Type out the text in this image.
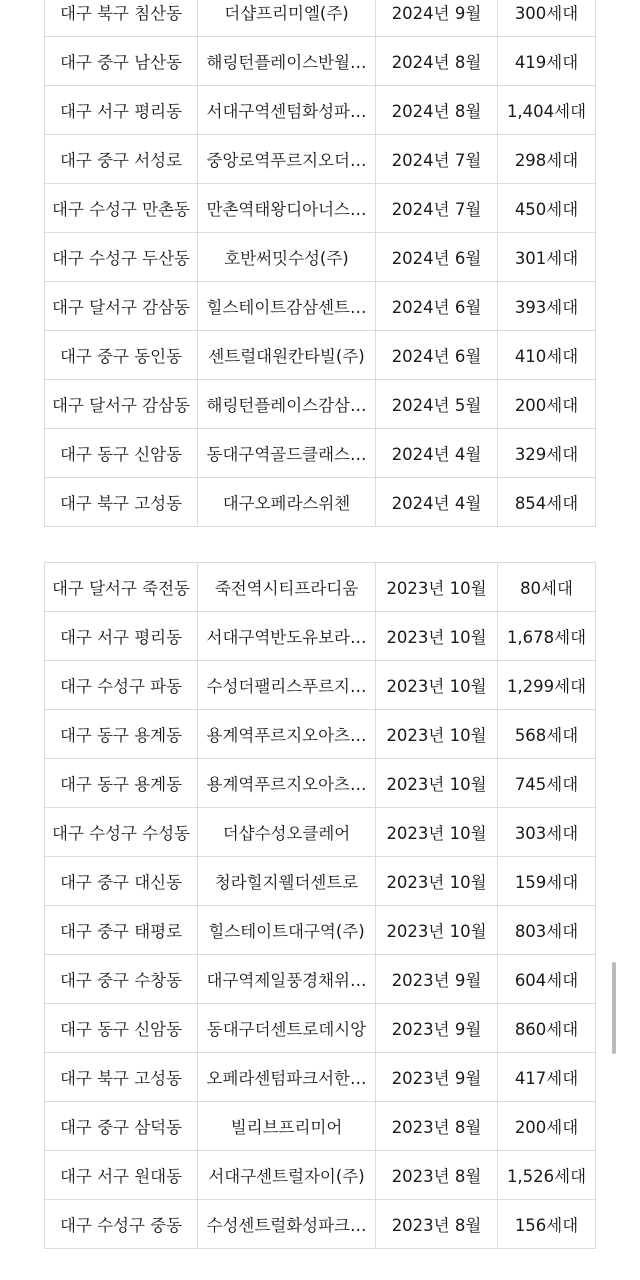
대구 북구 침산동	더샵프리미엘(주)	2024년 9월	300세대
대구 중구 남산동	해링턴플레이스반월…	2024년 8월	419세대
대구 서구 평리동	서대구역센텀화성파…	2024년 8월	1,404세대
대구 중구 서성로	중앙로역푸르지오더…	2024년 7월	298세대
대구 수성구 만촌동	만촌역태왕디아너스…	2024년 7월	450세대
대구 수성구 두산동	호반써밋수성(주)	2024년 6월	301세대
대구 달서구 감삼동	힐스테이트감삼센트…	2024년 6월	393세대
대구 중구 동인동	센트럴대원칸타빌(주)	2024년 6월	410세대
대구 달서구 감삼동	해링턴플레이스감삼…	2024년 5월	200세대
대구 동구 신암동	동대구역골드클래스…	2024년 4월	329세대
대구 북구 고성동	대구오페라스위첸	2024년 4월	854세대
대구 달서구 죽전동	죽전역시티프라디움	2023년 10월	80세대
대구 서구 평리동	서대구역반도유보라…	2023년 10월	1,678세대
대구 수성구 파동	수성더팰리스푸르지…	2023년 10월	1,299세대
대구 동구 용계동	용계역푸르지오아츠…	2023년 10월	568세대
대구 동구 용계동	용계역푸르지오아츠…	2023년 10월	745세대
대구 수성구 수성동	더샵수성오클레어	2023년 10월	303세대
대구 중구 대신동	청라힐지웰더센트로	2023년 10월	159세대
대구 중구 태평로	힐스테이트대구역(주)	2023년 10월	803세대
대구 중구 수창동	대구역제일풍경채위…	2023년 9월	604세대
대구 동구 신암동	동대구더센트로데시앙	2023년 9월	860세대
대구 북구 고성동	오페라센텀파크서한…	2023년 9월	417세대
대구 중구 삼덕동	빌리브프리미어	2023년 8월	200세대
대구 서구 원대동	서대구센트럴자이(주)	2023년 8월	1,526세대
대구 수성구 중동	수성센트럴화성파크…	2023년 8월	156세대
